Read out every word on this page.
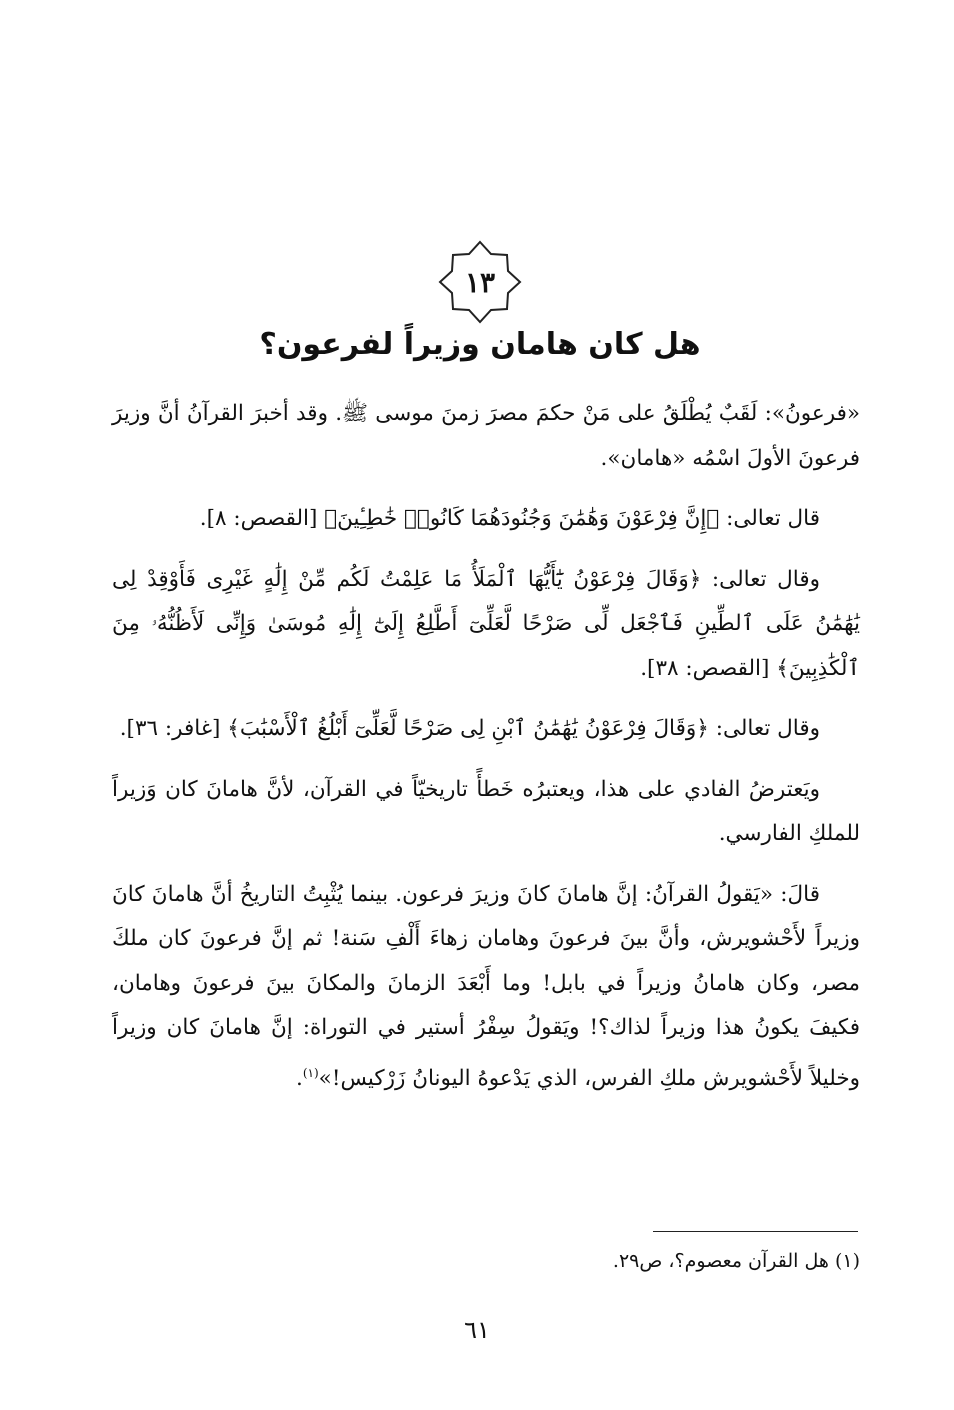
١٣
هل كان هامان وزيراً لفرعون؟

«فرعونُ»: لَقَبٌ يُطْلَقُ على مَنْ حكمَ مصرَ زمنَ موسى ﷺ. وقد أخبرَ القرآنُ أنَّ وزيرَ فرعونَ الأولَ اسْمُه «هامان».

قال تعالى: ﴿إِنَّ فِرْعَوْنَ وَهَٰمَٰنَ وَجُنُودَهُمَا كَانُوا۟ خَٰطِـِٔينَ﴾ [القصص: ٨].

وقال تعالى: ﴿وَقَالَ فِرْعَوْنُ يَٰٓأَيُّهَا ٱلْمَلَأُ مَا عَلِمْتُ لَكُم مِّنْ إِلَٰهٍ غَيْرِى فَأَوْقِدْ لِى يَٰهَٰمَٰنُ عَلَى ٱلطِّينِ فَٱجْعَل لِّى صَرْحًا لَّعَلِّىٓ أَطَّلِعُ إِلَىٰٓ إِلَٰهِ مُوسَىٰ وَإِنِّى لَأَظُنُّهُۥ مِنَ ٱلْكَٰذِبِينَ﴾ [القصص: ٣٨].

وقال تعالى: ﴿وَقَالَ فِرْعَوْنُ يَٰهَٰمَٰنُ ٱبْنِ لِى صَرْحًا لَّعَلِّىٓ أَبْلُغُ ٱلْأَسْبَٰبَ﴾ [غافر: ٣٦].

ويَعترضُ الفادي على هذا، ويعتبرُه خَطأً تاريخيّاً في القرآن، لأنَّ هامانَ كان وَزيراً للملكِ الفارسي.

قالَ: «يَقولُ القرآنُ: إنَّ هامانَ كانَ وزيرَ فرعون. بينما يُثْبِتُ التاريخُ أنَّ هامانَ كانَ وزيراً لأَحْشويرش، وأنَّ بينَ فرعونَ وهامان زهاءَ أَلْفِ سَنة! ثم إنَّ فرعونَ كان ملكَ مصر، وكان هامانُ وزيراً في بابل! وما أَبْعَدَ الزمانَ والمكانَ بينَ فرعونَ وهامان، فكيفَ يكونُ هذا وزيراً لذاك؟! ويَقولُ سِفْرُ أستير في التوراة: إنَّ هامانَ كان وزيراً وخليلاً لأَحْشويرش ملكِ الفرس، الذي يَدْعوهُ اليونانُ زَرْكيس!»$^{(١)}$.

(١) هل القرآن معصوم؟، ص٢٩.
٦١
